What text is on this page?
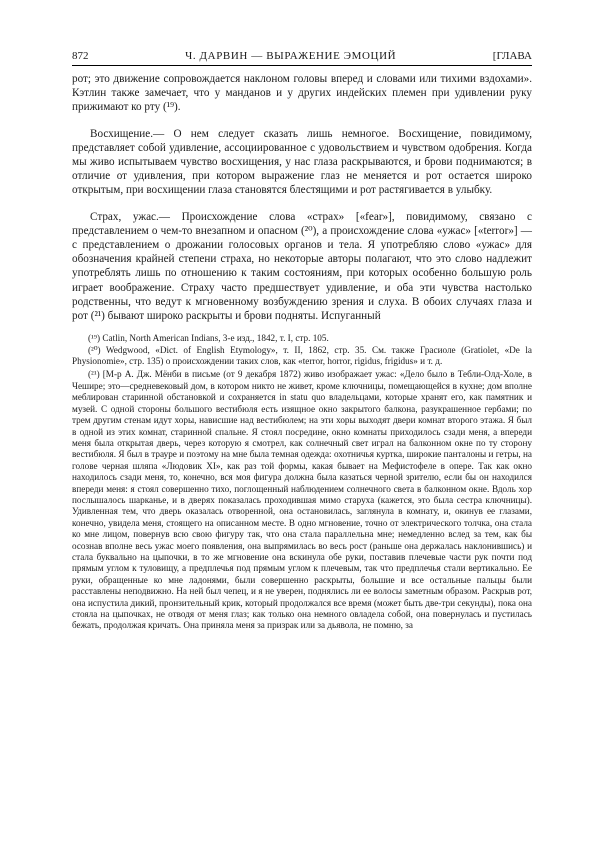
872	Ч. ДАРВИН — ВЫРАЖЕНИЕ ЭМОЦИЙ	[ГЛАВА

рот; это движение сопровождается наклоном головы вперед и словами или тихими вздохами». Кэтлин также замечает, что у манданов и у других индейских племен при удивлении руку прижимают ко рту (¹⁹).

Восхищение.— О нем следует сказать лишь немногое. Восхищение, повидимому, представляет собой удивление, ассоциированное с удовольствием и чувством одобрения. Когда мы живо испытываем чувство восхищения, у нас глаза раскрываются, и брови поднимаются; в отличие от удивления, при котором выражение глаз не меняется и рот остается широко открытым, при восхищении глаза становятся блестящими и рот растягивается в улыбку.

Страх, ужас.— Происхождение слова «страх» [«fear»], повидимому, связано с представлением о чем-то внезапном и опасном (²⁰), а происхождение слова «ужас» [«terror»] — с представлением о дрожании голосовых органов и тела. Я употребляю слово «ужас» для обозначения крайней степени страха, но некоторые авторы полагают, что это слово надлежит употреблять лишь по отношению к таким состояниям, при которых особенно большую роль играет воображение. Страху часто предшествует удивление, и оба эти чувства настолько родственны, что ведут к мгновенному возбуждению зрения и слуха. В обоих случаях глаза и рот (²¹) бывают широко раскрыты и брови подняты. Испуганный

(¹⁹) Catlin, North American Indians, 3-е изд., 1842, т. I, стр. 105.

(²⁰) Wedgwood, «Dict. of English Etymology», т. II, 1862, стр. 35. См. также Грасиоле (Gratiolet, «De la Physionomie», стр. 135) о происхождении таких слов, как «terror, horror, rigidus, frigidus» и т. д.

(²¹) [М-р А. Дж. Мёнби в письме (от 9 декабря 1872) живо изображает ужас: «Дело было в Тебли-Олд-Холе, в Чешире; это—средневековый дом, в котором никто не живет, кроме ключницы, помещающейся в кухне; дом вполне меблирован старинной обстановкой и сохраняется in statu quo владельцами, которые хранят его, как памятник и музей. С одной стороны большого вестибюля есть изящное окно закрытого балкона, разукрашенное гербами; по трем другим стенам идут хоры, нависшие над вестибюлем; на эти хоры выходят двери комнат второго этажа. Я был в одной из этих комнат, старинной спальне. Я стоял посредине, окно комнаты приходилось сзади меня, а впереди меня была открытая дверь, через которую я смотрел, как солнечный свет играл на балконном окне по ту сторону вестибюля. Я был в трауре и поэтому на мне была темная одежда: охотничья куртка, широкие панталоны и гетры, на голове черная шляпа «Людовик XI», как раз той формы, какая бывает на Мефистофеле в опере. Так как окно находилось сзади меня, то, конечно, вся моя фигура должна была казаться черной зрителю, если бы он находился впереди меня: я стоял совершенно тихо, поглощенный наблюдением солнечного света в балконном окне. Вдоль хор послышалось шарканье, и в дверях показалась проходившая мимо старуха (кажется, это была сестра ключницы). Удивленная тем, что дверь оказалась отворенной, она остановилась, заглянула в комнату, и, окинув ее глазами, конечно, увидела меня, стоящего на описанном месте. В одно мгновение, точно от электрического толчка, она стала ко мне лицом, повернув всю свою фигуру так, что она стала параллельна мне; немедленно вслед за тем, как бы осознав вполне весь ужас моего появления, она выпрямилась во весь рост (раньше она держалась наклонившись) и стала буквально на цыпочки, в то же мгновение она вскинула обе руки, поставив плечевые части рук почти под прямым углом к туловищу, а предплечья под прямым углом к плечевым, так что предплечья стали вертикально. Ее руки, обращенные ко мне ладонями, были совершенно раскрыты, большие и все остальные пальцы были расставлены неподвижно. На ней был чепец, и я не уверен, поднялись ли ее волосы заметным образом. Раскрыв рот, она испустила дикий, пронзительный крик, который продолжался все время (может быть две-три секунды), пока она стояла на цыпочках, не отводя от меня глаз; как только она немного овладела собой, она повернулась и пустилась бежать, продолжая кричать. Она приняла меня за призрак или за дьявола, не помню, за
